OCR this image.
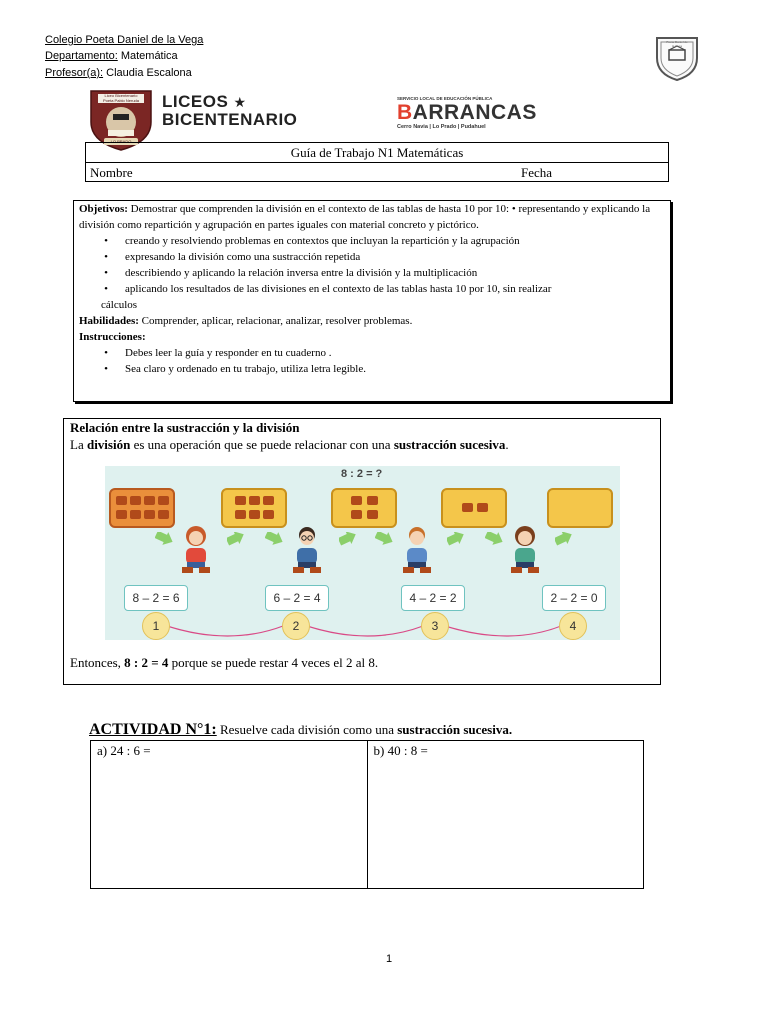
Colegio Poeta Daniel de la Vega
Departamento: Matemática
Profesor(a): Claudia Escalona
Poeta Daniel de la Vega
Liceo Bicentenario
Poeta Pablo Neruda
LO PRADO
LICEOS ★
BICENTENARIO
SERVICIO LOCAL DE EDUCACIÓN PÚBLICA
BARRANCAS
Cerro Navia | Lo Prado | Pudahuel
Guía de Trabajo N1 Matemáticas
Nombre	Fecha
Objetivos: Demostrar que comprenden la división en el contexto de las tablas de hasta 10 por 10: • representando y explicando la división como repartición y agrupación en partes iguales con material concreto y pictórico.
• creando y resolviendo problemas en contextos que incluyan la repartición y la agrupación
• expresando la división como una sustracción repetida
• describiendo y aplicando la relación inversa entre la división y la multiplicación
• aplicando los resultados de las divisiones en el contexto de las tablas hasta 10 por 10, sin realizar
cálculos
Habilidades: Comprender, aplicar, relacionar, analizar, resolver problemas.
Instrucciones:
• Debes leer la guía y responder en tu cuaderno .
• Sea claro y ordenado en tu trabajo, utiliza letra legible.
Relación entre la sustracción y la división
La división es una operación que se puede relacionar con una sustracción sucesiva.
8 : 2 = ?
8 – 2 = 6	6 – 2 = 4	4 – 2 = 2	2 – 2 = 0
1	2	3	4
Entonces, 8 : 2 = 4 porque se puede restar 4 veces el 2 al 8.
ACTIVIDAD N°1: Resuelve cada división como una sustracción sucesiva.
a) 24 : 6 =	b) 40 : 8 =
1
